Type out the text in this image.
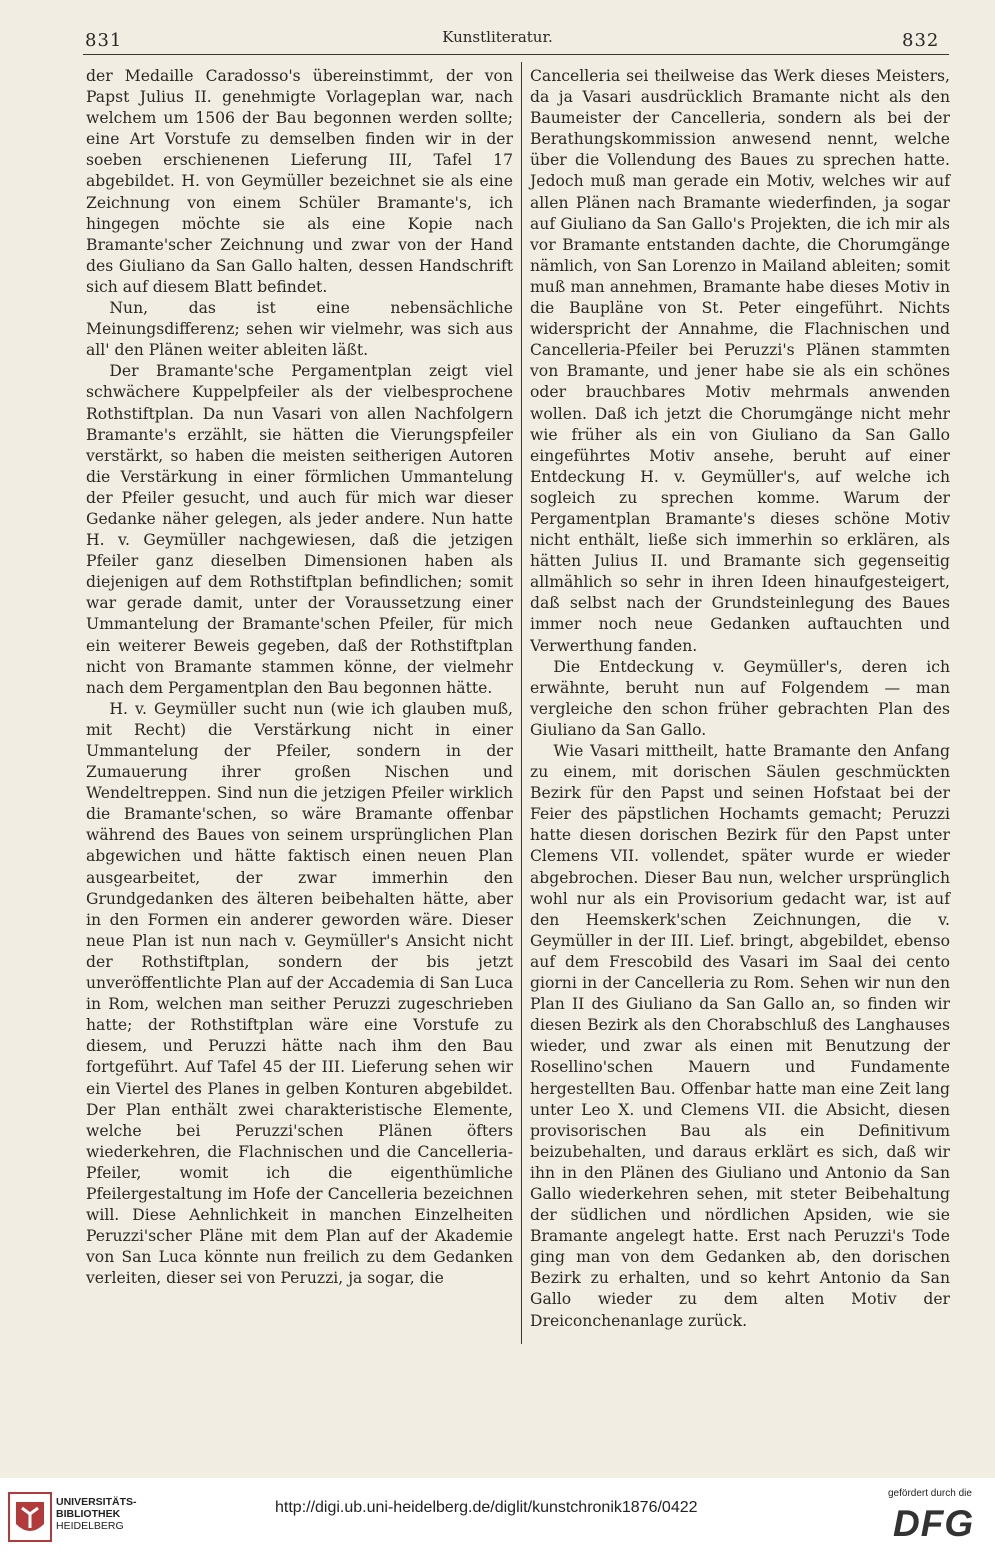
831	Kunstliteratur.	832

der Medaille Caradosso's übereinstimmt, der von Papst Julius II. genehmigte Vorlageplan war, nach welchem um 1506 der Bau begonnen werden sollte; eine Art Vorstufe zu demselben finden wir in der soeben erschienenen Lieferung III, Tafel 17 abgebildet. H. von Geymüller bezeichnet sie als eine Zeichnung von einem Schüler Bramante's, ich hingegen möchte sie als eine Kopie nach Bramante'scher Zeichnung und zwar von der Hand des Giuliano da San Gallo halten, dessen Handschrift sich auf diesem Blatt befindet.

Nun, das ist eine nebensächliche Meinungsdifferenz; sehen wir vielmehr, was sich aus all' den Plänen weiter ableiten läßt.

Der Bramante'sche Pergamentplan zeigt viel schwächere Kuppelpfeiler als der vielbesprochene Rothstiftplan. Da nun Vasari von allen Nachfolgern Bramante's erzählt, sie hätten die Vierungspfeiler verstärkt, so haben die meisten seitherigen Autoren die Verstärkung in einer förmlichen Ummantelung der Pfeiler gesucht, und auch für mich war dieser Gedanke näher gelegen, als jeder andere. Nun hatte H. v. Geymüller nachgewiesen, daß die jetzigen Pfeiler ganz dieselben Dimensionen haben als diejenigen auf dem Rothstiftplan befindlichen; somit war gerade damit, unter der Voraussetzung einer Ummantelung der Bramante'schen Pfeiler, für mich ein weiterer Beweis gegeben, daß der Rothstiftplan nicht von Bramante stammen könne, der vielmehr nach dem Pergamentplan den Bau begonnen hätte.

H. v. Geymüller sucht nun (wie ich glauben muß, mit Recht) die Verstärkung nicht in einer Ummantelung der Pfeiler, sondern in der Zumauerung ihrer großen Nischen und Wendeltreppen. Sind nun die jetzigen Pfeiler wirklich die Bramante'schen, so wäre Bramante offenbar während des Baues von seinem ursprünglichen Plan abgewichen und hätte faktisch einen neuen Plan ausgearbeitet, der zwar immerhin den Grundgedanken des älteren beibehalten hätte, aber in den Formen ein anderer geworden wäre. Dieser neue Plan ist nun nach v. Geymüller's Ansicht nicht der Rothstiftplan, sondern der bis jetzt unveröffentlichte Plan auf der Accademia di San Luca in Rom, welchen man seither Peruzzi zugeschrieben hatte; der Rothstiftplan wäre eine Vorstufe zu diesem, und Peruzzi hätte nach ihm den Bau fortgeführt. Auf Tafel 45 der III. Lieferung sehen wir ein Viertel des Planes in gelben Konturen abgebildet. Der Plan enthält zwei charakteristische Elemente, welche bei Peruzzi'schen Plänen öfters wiederkehren, die Flachnischen und die Cancelleria-Pfeiler, womit ich die eigenthümliche Pfeilergestaltung im Hofe der Cancelleria bezeichnen will. Diese Aehnlichkeit in manchen Einzelheiten Peruzzi'scher Pläne mit dem Plan auf der Akademie von San Luca könnte nun freilich zu dem Gedanken verleiten, dieser sei von Peruzzi, ja sogar, die

Cancelleria sei theilweise das Werk dieses Meisters, da ja Vasari ausdrücklich Bramante nicht als den Baumeister der Cancelleria, sondern als bei der Berathungskommission anwesend nennt, welche über die Vollendung des Baues zu sprechen hatte. Jedoch muß man gerade ein Motiv, welches wir auf allen Plänen nach Bramante wiederfinden, ja sogar auf Giuliano da San Gallo's Projekten, die ich mir als vor Bramante entstanden dachte, die Chorumgänge nämlich, von San Lorenzo in Mailand ableiten; somit muß man annehmen, Bramante habe dieses Motiv in die Baupläne von St. Peter eingeführt. Nichts widerspricht der Annahme, die Flachnischen und Cancelleria-Pfeiler bei Peruzzi's Plänen stammten von Bramante, und jener habe sie als ein schönes oder brauchbares Motiv mehrmals anwenden wollen. Daß ich jetzt die Chorumgänge nicht mehr wie früher als ein von Giuliano da San Gallo eingeführtes Motiv ansehe, beruht auf einer Entdeckung H. v. Geymüller's, auf welche ich sogleich zu sprechen komme. Warum der Pergamentplan Bramante's dieses schöne Motiv nicht enthält, ließe sich immerhin so erklären, als hätten Julius II. und Bramante sich gegenseitig allmählich so sehr in ihren Ideen hinaufgesteigert, daß selbst nach der Grundsteinlegung des Baues immer noch neue Gedanken auftauchten und Verwerthung fanden.

Die Entdeckung v. Geymüller's, deren ich erwähnte, beruht nun auf Folgendem — man vergleiche den schon früher gebrachten Plan des Giuliano da San Gallo.

Wie Vasari mittheilt, hatte Bramante den Anfang zu einem, mit dorischen Säulen geschmückten Bezirk für den Papst und seinen Hofstaat bei der Feier des päpstlichen Hochamts gemacht; Peruzzi hatte diesen dorischen Bezirk für den Papst unter Clemens VII. vollendet, später wurde er wieder abgebrochen. Dieser Bau nun, welcher ursprünglich wohl nur als ein Provisorium gedacht war, ist auf den Heemskerk'schen Zeichnungen, die v. Geymüller in der III. Lief. bringt, abgebildet, ebenso auf dem Frescobild des Vasari im Saal dei cento giorni in der Cancelleria zu Rom. Sehen wir nun den Plan II des Giuliano da San Gallo an, so finden wir diesen Bezirk als den Chorabschluß des Langhauses wieder, und zwar als einen mit Benutzung der Rosellino'schen Mauern und Fundamente hergestellten Bau. Offenbar hatte man eine Zeit lang unter Leo X. und Clemens VII. die Absicht, diesen provisorischen Bau als ein Definitivum beizubehalten, und daraus erklärt es sich, daß wir ihn in den Plänen des Giuliano und Antonio da San Gallo wiederkehren sehen, mit steter Beibehaltung der südlichen und nördlichen Apsiden, wie sie Bramante angelegt hatte. Erst nach Peruzzi's Tode ging man von dem Gedanken ab, den dorischen Bezirk zu erhalten, und so kehrt Antonio da San Gallo wieder zu dem alten Motiv der Dreiconchenanlage zurück.

UNIVERSITÄTS-
BIBLIOTHEK
HEIDELBERG
http://digi.ub.uni-heidelberg.de/diglit/kunstchronik1876/0422
gefördert durch die
DFG
